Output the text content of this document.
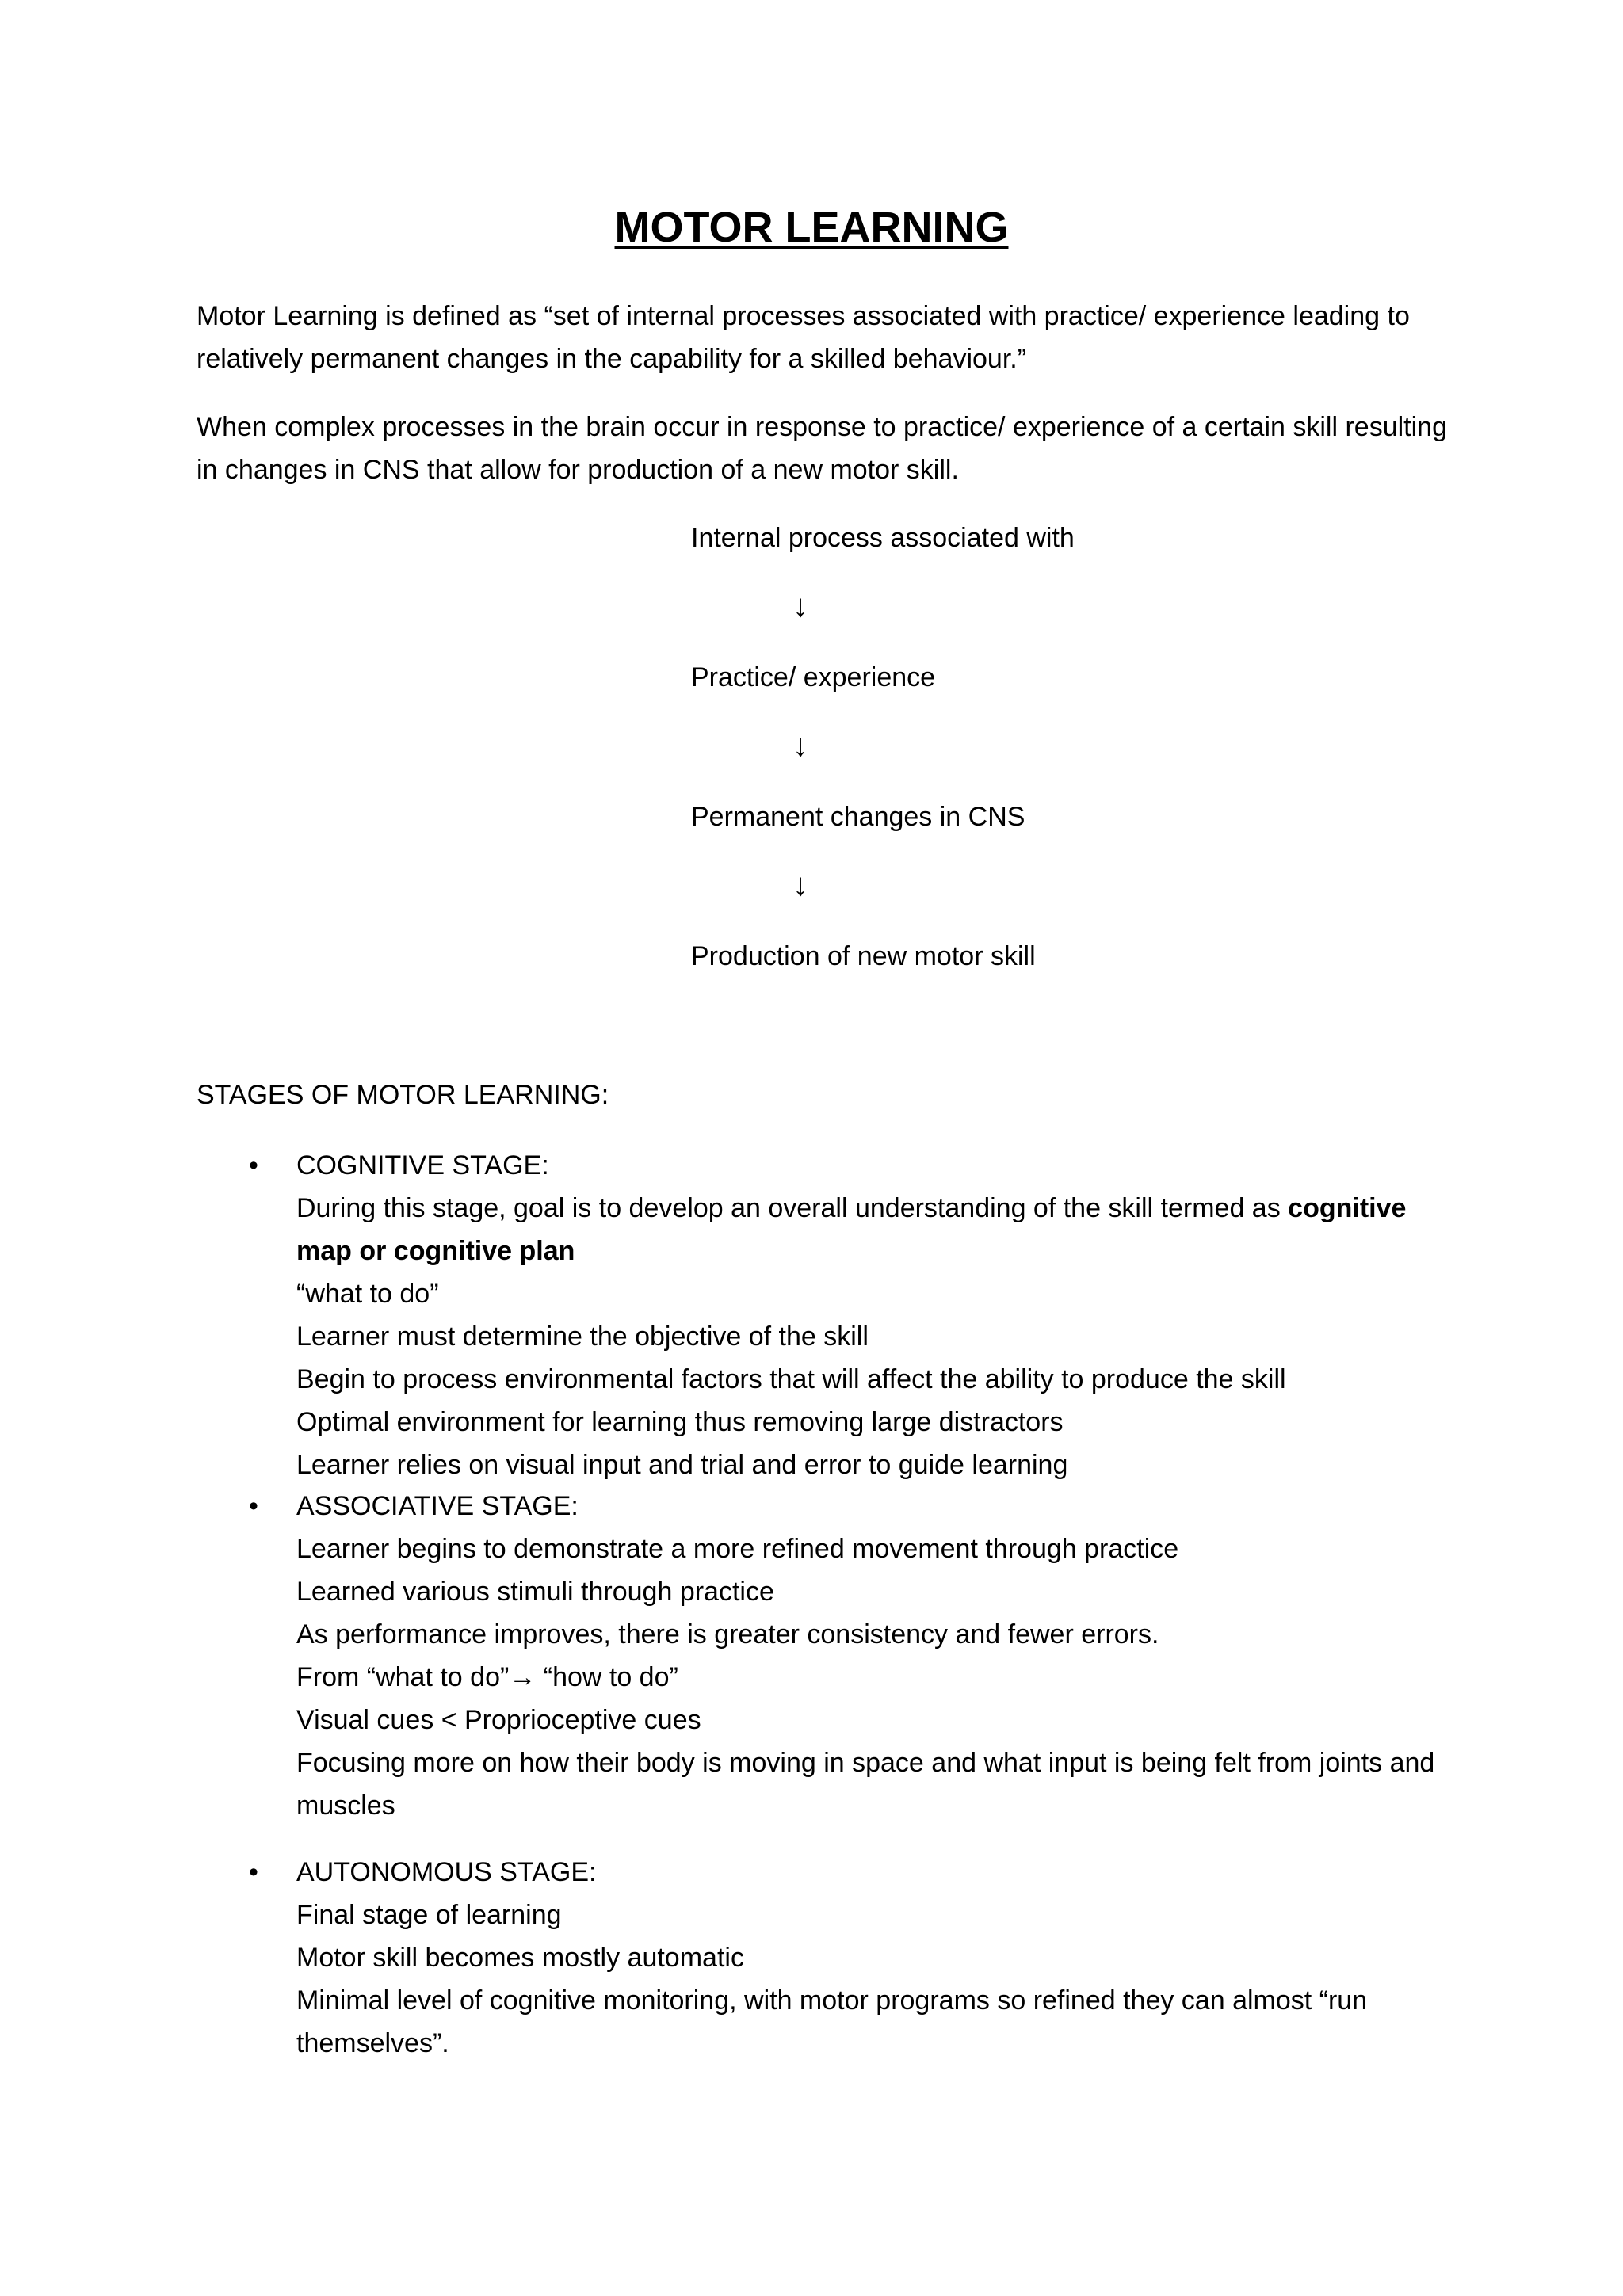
MOTOR LEARNING

Motor Learning is defined as “set of internal processes associated with practice/ experience leading to relatively permanent changes in the capability for a skilled behaviour.”

When complex processes in the brain occur in response to practice/ experience of a certain skill resulting in changes in CNS that allow for production of a new motor skill.

Internal process associated with
↓
Practice/ experience
↓
Permanent changes in CNS
↓
Production of new motor skill
STAGES OF MOTOR LEARNING:
• COGNITIVE STAGE:
During this stage, goal is to develop an overall understanding of the skill termed as cognitive map or cognitive plan
“what to do”
Learner must determine the objective of the skill
Begin to process environmental factors that will affect the ability to produce the skill
Optimal environment for learning thus removing large distractors
Learner relies on visual input and trial and error to guide learning
• ASSOCIATIVE STAGE:
Learner begins to demonstrate a more refined movement through practice
Learned various stimuli through practice
As performance improves, there is greater consistency and fewer errors.
From “what to do”→ “how to do”
Visual cues < Proprioceptive cues
Focusing more on how their body is moving in space and what input is being felt from joints and muscles
• AUTONOMOUS STAGE:
Final stage of learning
Motor skill becomes mostly automatic
Minimal level of cognitive monitoring, with motor programs so refined they can almost “run themselves”.
